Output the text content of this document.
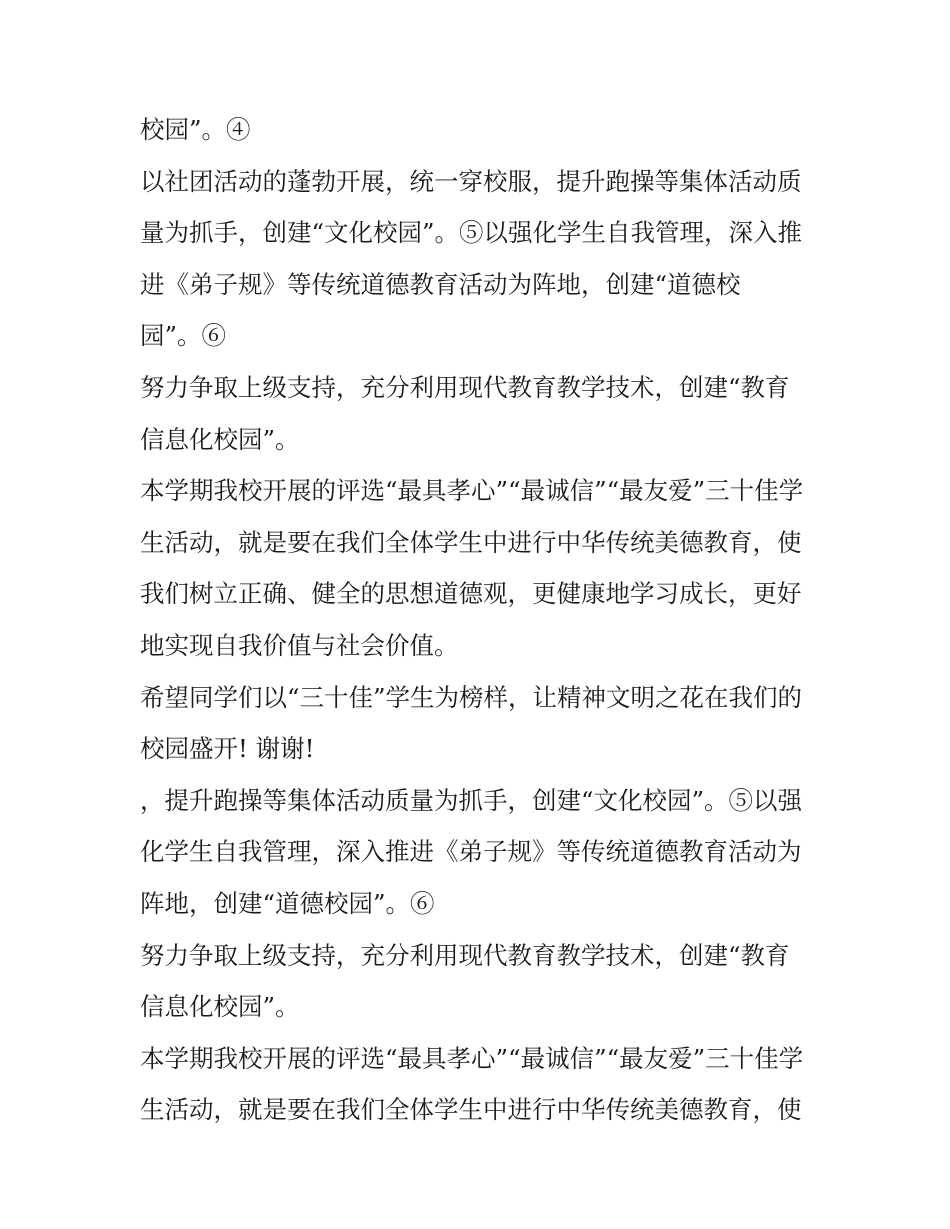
校园”。④
以社团活动的蓬勃开展，统一穿校服，提升跑操等集体活动质
量为抓手，创建“文化校园”。⑤以强化学生自我管理，深入推
进《弟子规》等传统道德教育活动为阵地，创建“道德校
园”。⑥
努力争取上级支持，充分利用现代教育教学技术，创建“教育
信息化校园”。
本学期我校开展的评选“最具孝心”“最诚信”“最友爱”三十佳学
生活动，就是要在我们全体学生中进行中华传统美德教育，使
我们树立正确、健全的思想道德观，更健康地学习成长，更好
地实现自我价值与社会价值。
希望同学们以“三十佳”学生为榜样，让精神文明之花在我们的
校园盛开! 谢谢!
，提升跑操等集体活动质量为抓手，创建“文化校园”。⑤以强
化学生自我管理，深入推进《弟子规》等传统道德教育活动为
阵地，创建“道德校园”。⑥
努力争取上级支持，充分利用现代教育教学技术，创建“教育
信息化校园”。
本学期我校开展的评选“最具孝心”“最诚信”“最友爱”三十佳学
生活动，就是要在我们全体学生中进行中华传统美德教育，使
